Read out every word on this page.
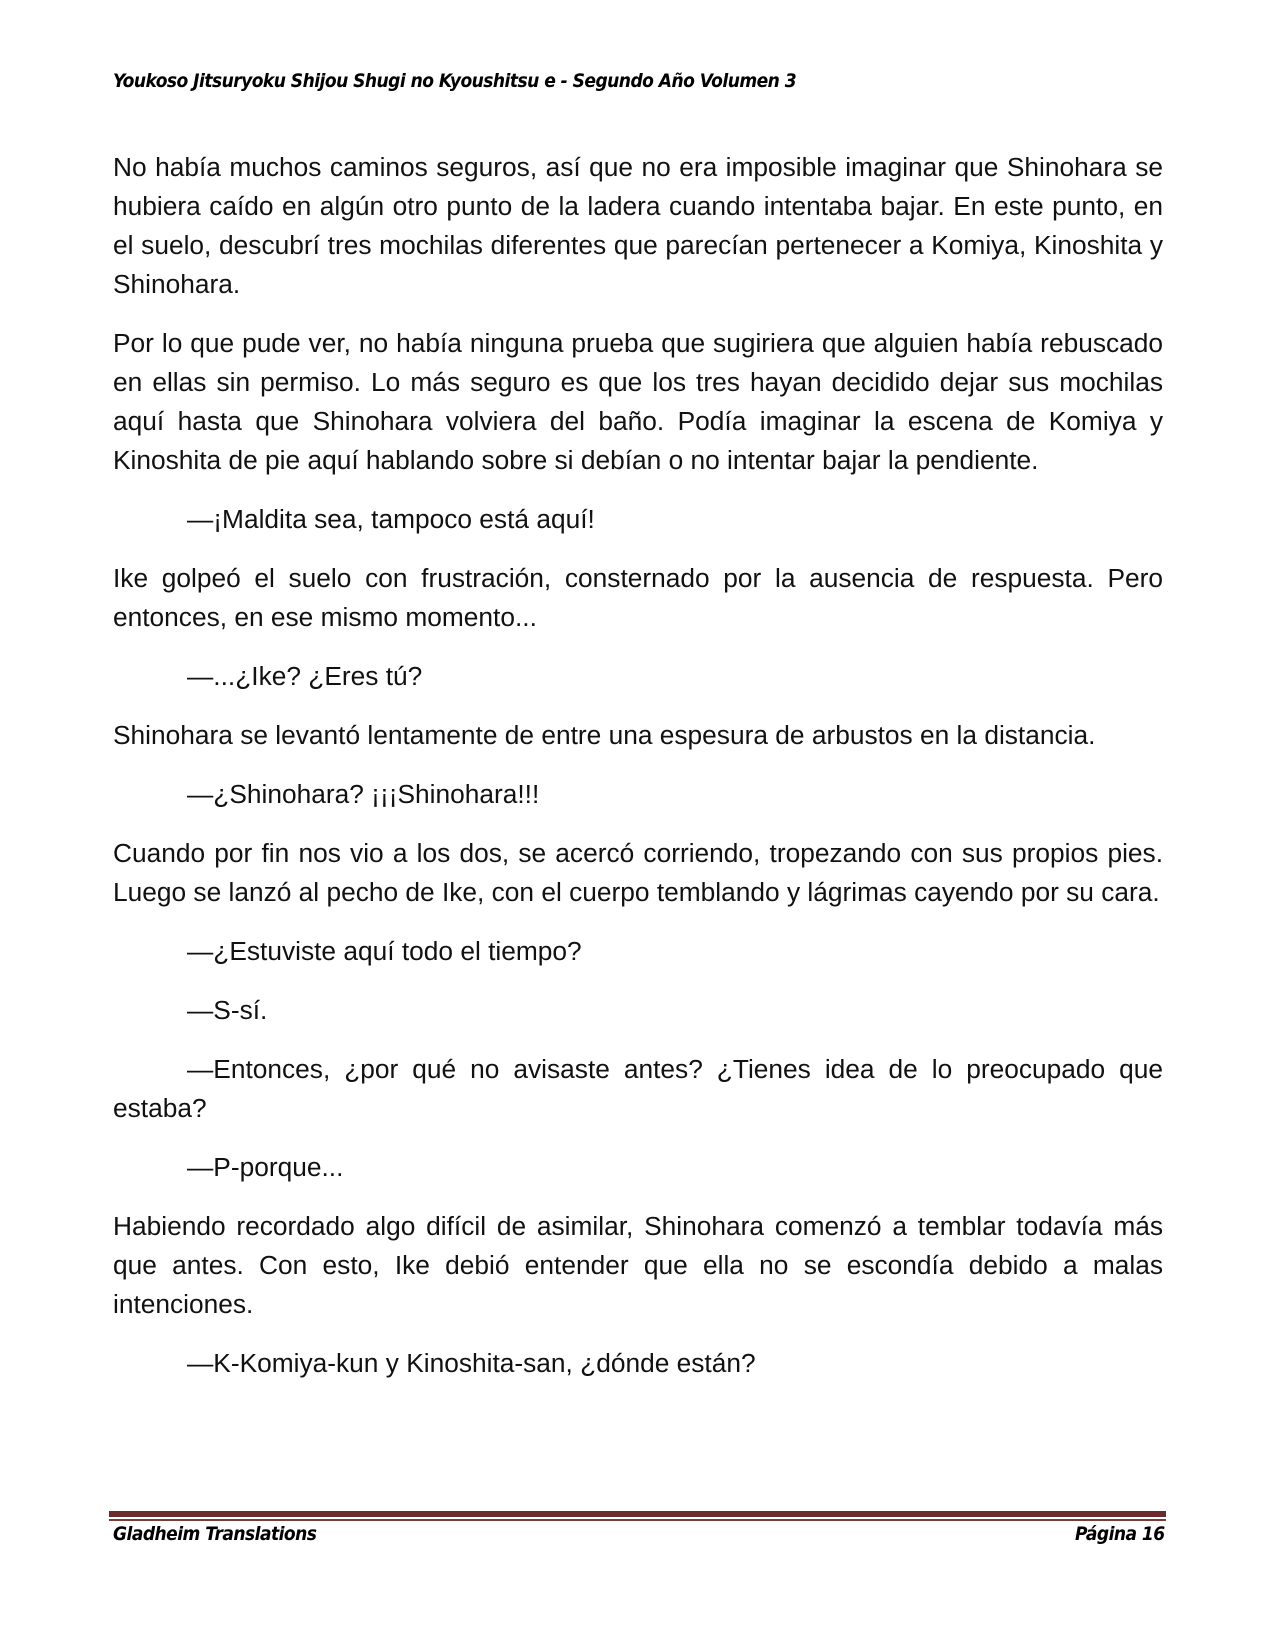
Youkoso Jitsuryoku Shijou Shugi no Kyoushitsu e - Segundo Año Volumen 3

No había muchos caminos seguros, así que no era imposible imaginar que Shinohara se hubiera caído en algún otro punto de la ladera cuando intentaba bajar. En este punto, en el suelo, descubrí tres mochilas diferentes que parecían pertenecer a Komiya, Kinoshita y Shinohara.

Por lo que pude ver, no había ninguna prueba que sugiriera que alguien había rebuscado en ellas sin permiso. Lo más seguro es que los tres hayan decidido dejar sus mochilas aquí hasta que Shinohara volviera del baño. Podía imaginar la escena de Komiya y Kinoshita de pie aquí hablando sobre si debían o no intentar bajar la pendiente.

—¡Maldita sea, tampoco está aquí!

Ike golpeó el suelo con frustración, consternado por la ausencia de respuesta. Pero entonces, en ese mismo momento...

—...¿Ike? ¿Eres tú?

Shinohara se levantó lentamente de entre una espesura de arbustos en la distancia.

—¿Shinohara? ¡¡¡Shinohara!!!

Cuando por fin nos vio a los dos, se acercó corriendo, tropezando con sus propios pies. Luego se lanzó al pecho de Ike, con el cuerpo temblando y lágrimas cayendo por su cara.

—¿Estuviste aquí todo el tiempo?

—S-sí.

—Entonces, ¿por qué no avisaste antes? ¿Tienes idea de lo preocupado que estaba?

—P-porque...

Habiendo recordado algo difícil de asimilar, Shinohara comenzó a temblar todavía más que antes. Con esto, Ike debió entender que ella no se escondía debido a malas intenciones.

—K-Komiya-kun y Kinoshita-san, ¿dónde están?

Gladheim Translations	Página 16
